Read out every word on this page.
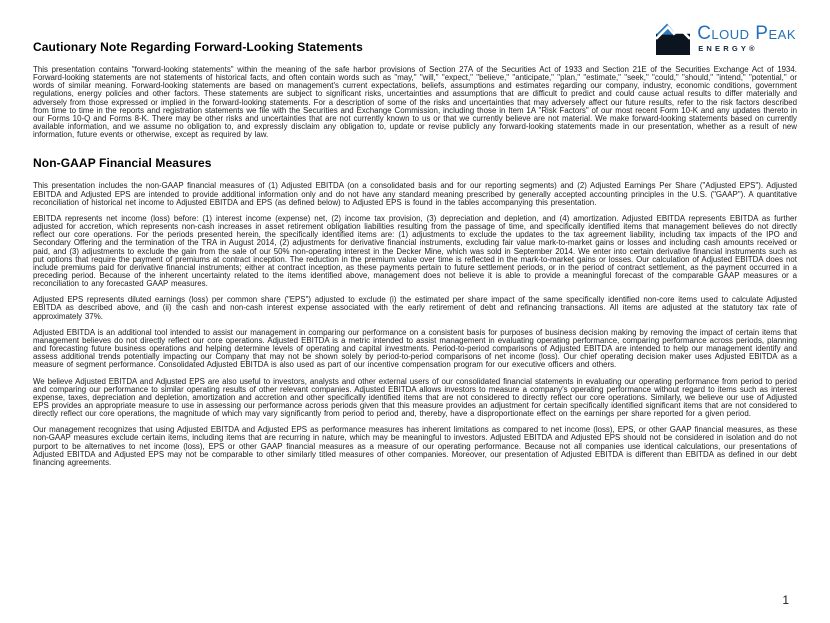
Cloud Peak
ENERGY®
Cautionary Note Regarding Forward-Looking Statements

This presentation contains "forward-looking statements" within the meaning of the safe harbor provisions of Section 27A of the Securities Act of 1933 and Section 21E of the Securities Exchange Act of 1934. Forward-looking statements are not statements of historical facts, and often contain words such as "may," "will," "expect," "believe," "anticipate," "plan," "estimate," "seek," "could," "should," "intend," "potential," or words of similar meaning. Forward-looking statements are based on management's current expectations, beliefs, assumptions and estimates regarding our company, industry, economic conditions, government regulations, energy policies and other factors. These statements are subject to significant risks, uncertainties and assumptions that are difficult to predict and could cause actual results to differ materially and adversely from those expressed or implied in the forward-looking statements. For a description of some of the risks and uncertainties that may adversely affect our future results, refer to the risk factors described from time to time in the reports and registration statements we file with the Securities and Exchange Commission, including those in Item 1A "Risk Factors" of our most recent Form 10-K and any updates thereto in our Forms 10-Q and Forms 8-K. There may be other risks and uncertainties that are not currently known to us or that we currently believe are not material. We make forward-looking statements based on currently available information, and we assume no obligation to, and expressly disclaim any obligation to, update or revise publicly any forward-looking statements made in our presentation, whether as a result of new information, future events or otherwise, except as required by law.

Non-GAAP Financial Measures

This presentation includes the non-GAAP financial measures of (1) Adjusted EBITDA (on a consolidated basis and for our reporting segments) and (2) Adjusted Earnings Per Share ("Adjusted EPS"). Adjusted EBITDA and Adjusted EPS are intended to provide additional information only and do not have any standard meaning prescribed by generally accepted accounting principles in the U.S. ("GAAP"). A quantitative reconciliation of historical net income to Adjusted EBITDA and EPS (as defined below) to Adjusted EPS is found in the tables accompanying this presentation.

EBITDA represents net income (loss) before: (1) interest income (expense) net, (2) income tax provision, (3) depreciation and depletion, and (4) amortization. Adjusted EBITDA represents EBITDA as further adjusted for accretion, which represents non-cash increases in asset retirement obligation liabilities resulting from the passage of time, and specifically identified items that management believes do not directly reflect our core operations. For the periods presented herein, the specifically identified items are: (1) adjustments to exclude the updates to the tax agreement liability, including tax impacts of the IPO and Secondary Offering and the termination of the TRA in August 2014, (2) adjustments for derivative financial instruments, excluding fair value mark-to-market gains or losses and including cash amounts received or paid, and (3) adjustments to exclude the gain from the sale of our 50% non-operating interest in the Decker Mine, which was sold in September 2014. We enter into certain derivative financial instruments such as put options that require the payment of premiums at contract inception. The reduction in the premium value over time is reflected in the mark-to-market gains or losses. Our calculation of Adjusted EBITDA does not include premiums paid for derivative financial instruments; either at contract inception, as these payments pertain to future settlement periods, or in the period of contract settlement, as the payment occurred in a preceding period. Because of the inherent uncertainty related to the items identified above, management does not believe it is able to provide a meaningful forecast of the comparable GAAP measures or a reconciliation to any forecasted GAAP measures.

Adjusted EPS represents diluted earnings (loss) per common share ("EPS") adjusted to exclude (i) the estimated per share impact of the same specifically identified non-core items used to calculate Adjusted EBITDA as described above, and (ii) the cash and non-cash interest expense associated with the early retirement of debt and refinancing transactions. All items are adjusted at the statutory tax rate of approximately 37%.

Adjusted EBITDA is an additional tool intended to assist our management in comparing our performance on a consistent basis for purposes of business decision making by removing the impact of certain items that management believes do not directly reflect our core operations. Adjusted EBITDA is a metric intended to assist management in evaluating operating performance, comparing performance across periods, planning and forecasting future business operations and helping determine levels of operating and capital investments. Period-to-period comparisons of Adjusted EBITDA are intended to help our management identify and assess additional trends potentially impacting our Company that may not be shown solely by period-to-period comparisons of net income (loss). Our chief operating decision maker uses Adjusted EBITDA as a measure of segment performance. Consolidated Adjusted EBITDA is also used as part of our incentive compensation program for our executive officers and others.

We believe Adjusted EBITDA and Adjusted EPS are also useful to investors, analysts and other external users of our consolidated financial statements in evaluating our operating performance from period to period and comparing our performance to similar operating results of other relevant companies. Adjusted EBITDA allows investors to measure a company's operating performance without regard to items such as interest expense, taxes, depreciation and depletion, amortization and accretion and other specifically identified items that are not considered to directly reflect our core operations. Similarly, we believe our use of Adjusted EPS provides an appropriate measure to use in assessing our performance across periods given that this measure provides an adjustment for certain specifically identified significant items that are not considered to directly reflect our core operations, the magnitude of which may vary significantly from period to period and, thereby, have a disproportionate effect on the earnings per share reported for a given period.

Our management recognizes that using Adjusted EBITDA and Adjusted EPS as performance measures has inherent limitations as compared to net income (loss), EPS, or other GAAP financial measures, as these non-GAAP measures exclude certain items, including items that are recurring in nature, which may be meaningful to investors. Adjusted EBITDA and Adjusted EPS should not be considered in isolation and do not purport to be alternatives to net income (loss), EPS or other GAAP financial measures as a measure of our operating performance. Because not all companies use identical calculations, our presentations of Adjusted EBITDA and Adjusted EPS may not be comparable to other similarly titled measures of other companies. Moreover, our presentation of Adjusted EBITDA is different than EBITDA as defined in our debt financing agreements.

1
